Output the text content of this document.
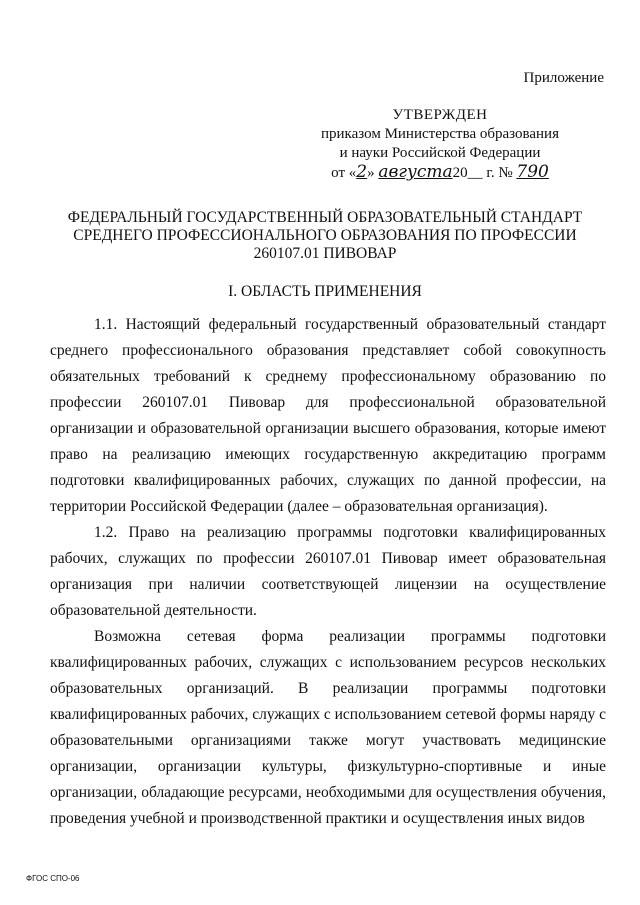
Приложение
УТВЕРЖДЕН
приказом Министерства образования
и науки Российской Федерации
от «2» августа20__ г. № 790
ФЕДЕРАЛЬНЫЙ ГОСУДАРСТВЕННЫЙ ОБРАЗОВАТЕЛЬНЫЙ СТАНДАРТ
СРЕДНЕГО ПРОФЕССИОНАЛЬНОГО ОБРАЗОВАНИЯ ПО ПРОФЕССИИ
260107.01 ПИВОВАР
I. ОБЛАСТЬ ПРИМЕНЕНИЯ

1.1. Настоящий федеральный государственный образовательный стандарт среднего профессионального образования представляет собой совокупность обязательных требований к среднему профессиональному образованию по профессии 260107.01 Пивовар для профессиональной образовательной организации и образовательной организации высшего образования, которые имеют право на реализацию имеющих государственную аккредитацию программ подготовки квалифицированных рабочих, служащих по данной профессии, на территории Российской Федерации (далее – образовательная организация).

1.2. Право на реализацию программы подготовки квалифицированных рабочих, служащих по профессии 260107.01 Пивовар имеет образовательная организация при наличии соответствующей лицензии на осуществление образовательной деятельности.

Возможна сетевая форма реализации программы подготовки квалифицированных рабочих, служащих с использованием ресурсов нескольких образовательных организаций. В реализации программы подготовки квалифицированных рабочих, служащих с использованием сетевой формы наряду с образовательными организациями также могут участвовать медицинские организации, организации культуры, физкультурно-спортивные и иные организации, обладающие ресурсами, необходимыми для осуществления обучения, проведения учебной и производственной практики и осуществления иных видов

ФГОС СПО-06
